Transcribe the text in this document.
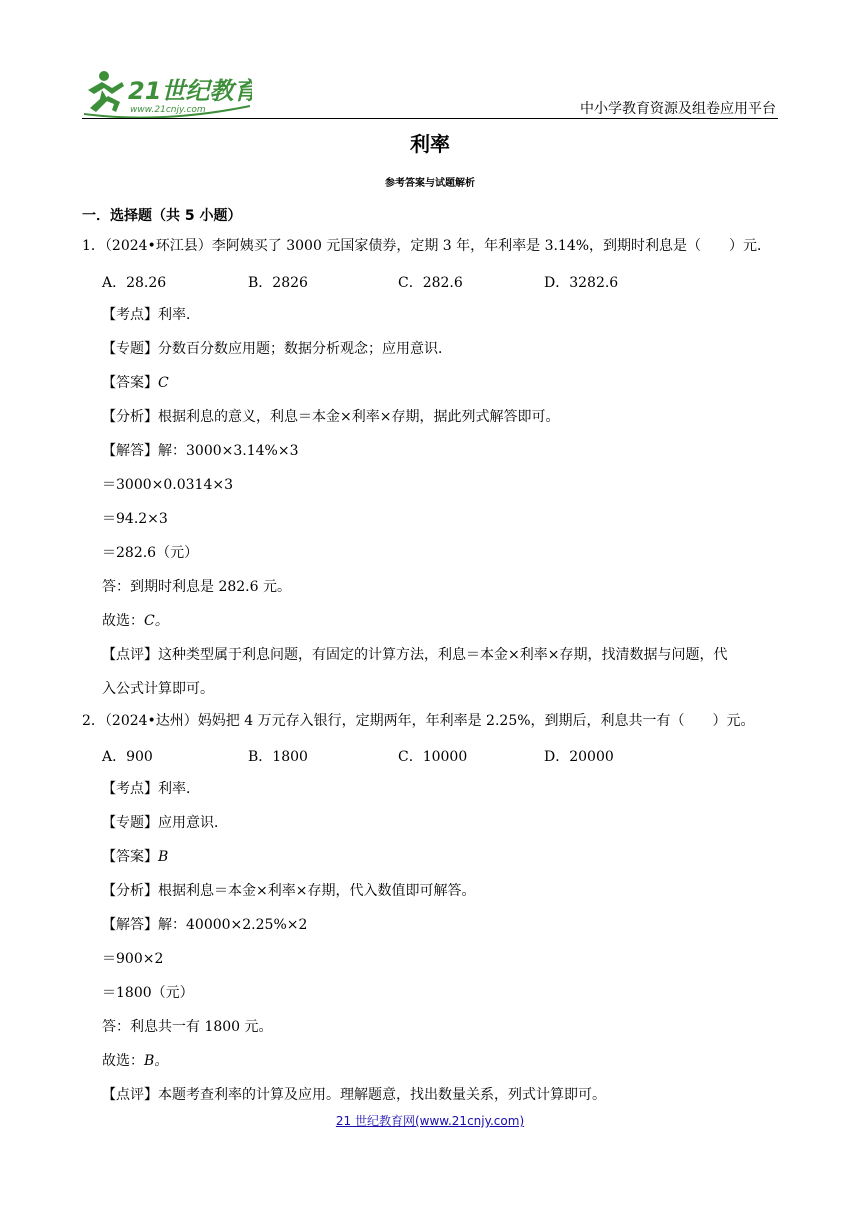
21世纪教育
www.21cnjy.com	中小学教育资源及组卷应用平台
利率
参考答案与试题解析
一．选择题（共 5 小题）
1．（2024•环江县）李阿姨买了 3000 元国家债券，定期 3 年，年利率是 3.14%，到期时利息是（　　）元．
A．28.26	B．2826	C．282.6	D．3282.6
【考点】利率．
【专题】分数百分数应用题；数据分析观念；应用意识．
【答案】C
【分析】根据利息的意义，利息＝本金×利率×存期，据此列式解答即可。
【解答】解：3000×3.14%×3
＝3000×0.0314×3
＝94.2×3
＝282.6（元）
答：到期时利息是 282.6 元。
故选：C。
【点评】这种类型属于利息问题，有固定的计算方法，利息＝本金×利率×存期，找清数据与问题，代
入公式计算即可。
2．（2024•达州）妈妈把 4 万元存入银行，定期两年，年利率是 2.25%，到期后，利息共一有（　　）元。
A．900	B．1800	C．10000	D．20000
【考点】利率．
【专题】应用意识．
【答案】B
【分析】根据利息＝本金×利率×存期，代入数值即可解答。
【解答】解：40000×2.25%×2
＝900×2
＝1800（元）
答：利息共一有 1800 元。
故选：B。
【点评】本题考查利率的计算及应用。理解题意，找出数量关系，列式计算即可。
21 世纪教育网(www.21cnjy.com)
